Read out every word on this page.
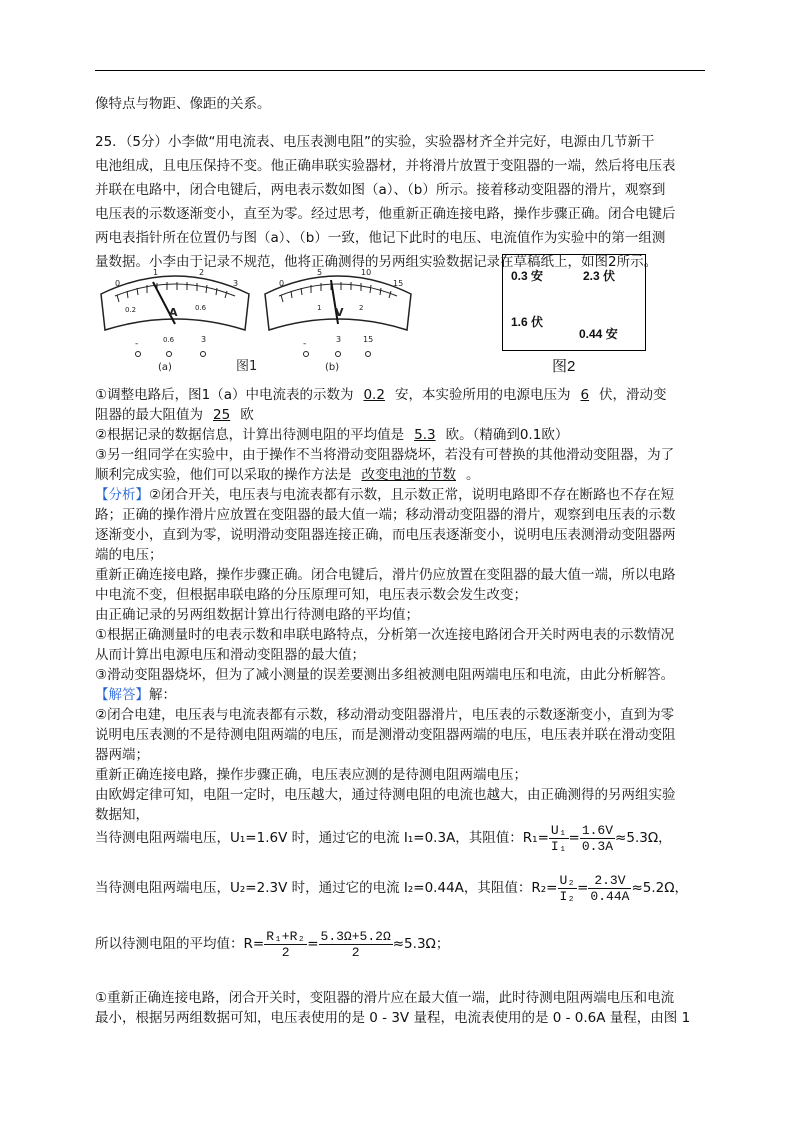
像特点与物距、像距的关系。
25．（5分）小李做“用电流表、电压表测电阻”的实验，实验器材齐全并完好，电源由几节新干
电池组成，且电压保持不变。他正确串联实验器材，并将滑片放置于变阻器的一端，然后将电压表
并联在电路中，闭合电键后，两电表示数如图（a）、（b）所示。接着移动变阻器的滑片，观察到
电压表的示数逐渐变小，直至为零。经过思考，他重新正确连接电路，操作步骤正确。闭合电键后
两电表指针所在位置仍与图（a）、（b）一致，他记下此时的电压、电流值作为实验中的第一组测
量数据。小李由于记录不规范，他将正确测得的另两组实验数据记录在草稿纸上，如图2所示。
0
1	2
3
0.2	0.6
A
-	0.6	3
(a)
0
5	10
15
1	2
V
-	3	15
(b)
图1
0.3 安	2.3 伏
1.6 伏
0.44 安
图2
①调整电路后，图1（a）中电流表的示数为 0.2 安，本实验所用的电源电压为 6 伏，滑动变
阻器的最大阻值为 25 欧
②根据记录的数据信息，计算出待测电阻的平均值是 5.3 欧。（精确到0.1欧）
③另一组同学在实验中，由于操作不当将滑动变阻器烧坏，若没有可替换的其他滑动变阻器，为了
顺利完成实验，他们可以采取的操作方法是 改变电池的节数 。
【分析】②闭合开关，电压表与电流表都有示数，且示数正常，说明电路即不存在断路也不存在短
路；正确的操作滑片应放置在变阻器的最大值一端；移动滑动变阻器的滑片，观察到电压表的示数
逐渐变小，直到为零，说明滑动变阻器连接正确，而电压表逐渐变小，说明电压表测滑动变阻器两
端的电压；
重新正确连接电路，操作步骤正确。闭合电键后，滑片仍应放置在变阻器的最大值一端，所以电路
中电流不变，但根据串联电路的分压原理可知，电压表示数会发生改变；
由正确记录的另两组数据计算出行待测电路的平均值；
①根据正确测量时的电表示数和串联电路特点，分析第一次连接电路闭合开关时两电表的示数情况
从而计算出电源电压和滑动变阻器的最大值；
③滑动变阻器烧坏，但为了减小测量的误差要测出多组被测电阻两端电压和电流，由此分析解答。
【解答】解：
②闭合电建，电压表与电流表都有示数，移动滑动变阻器滑片，电压表的示数逐渐变小，直到为零
说明电压表测的不是待测电阻两端的电压，而是测滑动变阻器两端的电压，电压表并联在滑动变阻
器两端；
重新正确连接电路，操作步骤正确，电压表应测的是待测电阻两端电压；
由欧姆定律可知，电阻一定时，电压越大，通过待测电阻的电流也越大，由正确测得的另两组实验
数据知，
当待测电阻两端电压，U₁=1.6V 时，通过它的电流 I₁=0.3A，其阻值：$R_1= \frac{\text{U₁}}{\text{I₁}} = \frac{1.6V}{0.3A} \approx 5.3\Omega$，
当待测电阻两端电压，U₂=2.3V 时，通过它的电流 I₂=0.44A，其阻值：$R_2= \frac{\text{U₂}}{\text{I₂}} = \frac{2.3V}{0.44A} \approx 5.2\Omega$，
所以待测电阻的平均值：$R= \frac{\text{R₁+R₂}}{2} = \frac{5.3\Omega+5.2\Omega}{2} \approx 5.3\Omega$；
①重新正确连接电路，闭合开关时，变阻器的滑片应在最大值一端，此时待测电阻两端电压和电流
最小，根据另两组数据可知，电压表使用的是 0 - 3V 量程，电流表使用的是 0 - 0.6A 量程，由图 1
